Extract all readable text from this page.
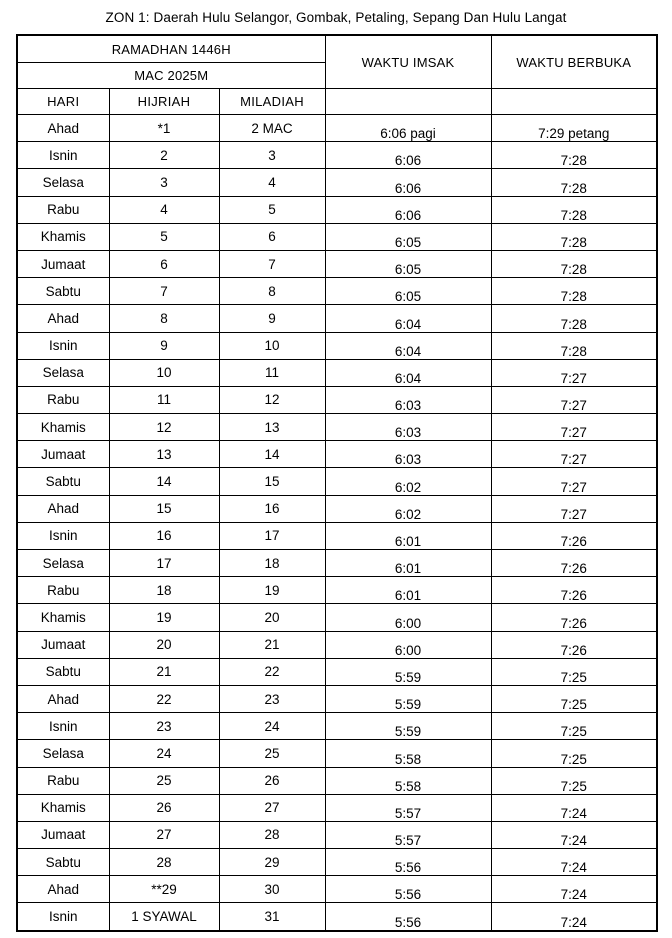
ZON 1: Daerah Hulu Selangor, Gombak, Petaling, Sepang Dan Hulu Langat
RAMADHAN 1446H			WAKTU IMSAK	WAKTU BERBUKA
MAC 2025M				
HARI	HIJRIAH	MILADIAH		
Ahad	*1	2 MAC	6:06 pagi	7:29 petang
Isnin	2	3	6:06	7:28
Selasa	3	4	6:06	7:28
Rabu	4	5	6:06	7:28
Khamis	5	6	6:05	7:28
Jumaat	6	7	6:05	7:28
Sabtu	7	8	6:05	7:28
Ahad	8	9	6:04	7:28
Isnin	9	10	6:04	7:28
Selasa	10	11	6:04	7:27
Rabu	11	12	6:03	7:27
Khamis	12	13	6:03	7:27
Jumaat	13	14	6:03	7:27
Sabtu	14	15	6:02	7:27
Ahad	15	16	6:02	7:27
Isnin	16	17	6:01	7:26
Selasa	17	18	6:01	7:26
Rabu	18	19	6:01	7:26
Khamis	19	20	6:00	7:26
Jumaat	20	21	6:00	7:26
Sabtu	21	22	5:59	7:25
Ahad	22	23	5:59	7:25
Isnin	23	24	5:59	7:25
Selasa	24	25	5:58	7:25
Rabu	25	26	5:58	7:25
Khamis	26	27	5:57	7:24
Jumaat	27	28	5:57	7:24
Sabtu	28	29	5:56	7:24
Ahad	**29	30	5:56	7:24
Isnin	1 SYAWAL	31	5:56	7:24
